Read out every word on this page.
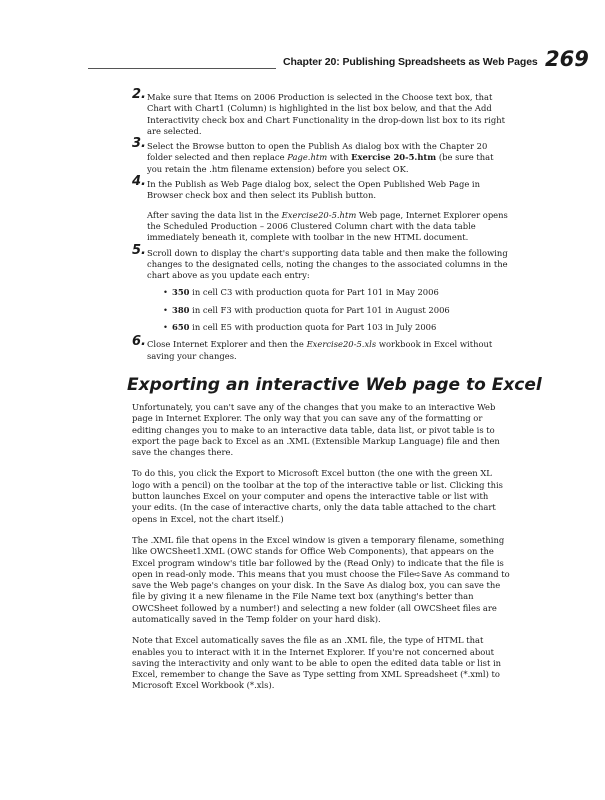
Chapter 20: Publishing Spreadsheets as Web Pages 269
2. Make sure that Items on 2006 Production is selected in the Choose text box, that Chart with Chart1 (Column) is highlighted in the list box below, and that the Add Interactivity check box and Chart Functionality in the drop-down list box to its right are selected.

3. Select the Browse button to open the Publish As dialog box with the Chapter 20 folder selected and then replace Page.htm with Exercise 20-5.htm (be sure that you retain the .htm filename extension) before you select OK.

4. In the Publish as Web Page dialog box, select the Open Published Web Page in Browser check box and then select its Publish button.

After saving the data list in the Exercise20-5.htm Web page, Internet Explorer opens the Scheduled Production – 2006 Clustered Column chart with the data table immediately beneath it, complete with toolbar in the new HTML document.

5. Scroll down to display the chart's supporting data table and then make the following changes to the designated cells, noting the changes to the associated columns in the chart above as you update each entry:

• 350 in cell C3 with production quota for Part 101 in May 2006
• 380 in cell F3 with production quota for Part 101 in August 2006
• 650 in cell E5 with production quota for Part 103 in July 2006
6. Close Internet Explorer and then the Exercise20-5.xls workbook in Excel without saving your changes.

Exporting an interactive Web page to Excel

Unfortunately, you can't save any of the changes that you make to an interactive Web page in Internet Explorer. The only way that you can save any of the formatting or editing changes you to make to an interactive data table, data list, or pivot table is to export the page back to Excel as an .XML (Extensible Markup Language) file and then save the changes there.

To do this, you click the Export to Microsoft Excel button (the one with the green XL logo with a pencil) on the toolbar at the top of the interactive table or list. Clicking this button launches Excel on your computer and opens the interactive table or list with your edits. (In the case of interactive charts, only the data table attached to the chart opens in Excel, not the chart itself.)

The .XML file that opens in the Excel window is given a temporary filename, something like OWCSheet1.XML (OWC stands for Office Web Components), that appears on the Excel program window's title bar followed by the (Read Only) to indicate that the file is open in read-only mode. This means that you must choose the File➪Save As command to save the Web page's changes on your disk. In the Save As dialog box, you can save the file by giving it a new filename in the File Name text box (anything's better than OWCSheet followed by a number!) and selecting a new folder (all OWCSheet files are automatically saved in the Temp folder on your hard disk).

Note that Excel automatically saves the file as an .XML file, the type of HTML that enables you to interact with it in the Internet Explorer. If you're not concerned about saving the interactivity and only want to be able to open the edited data table or list in Excel, remember to change the Save as Type setting from XML Spreadsheet (*.xml) to Microsoft Excel Workbook (*.xls).
